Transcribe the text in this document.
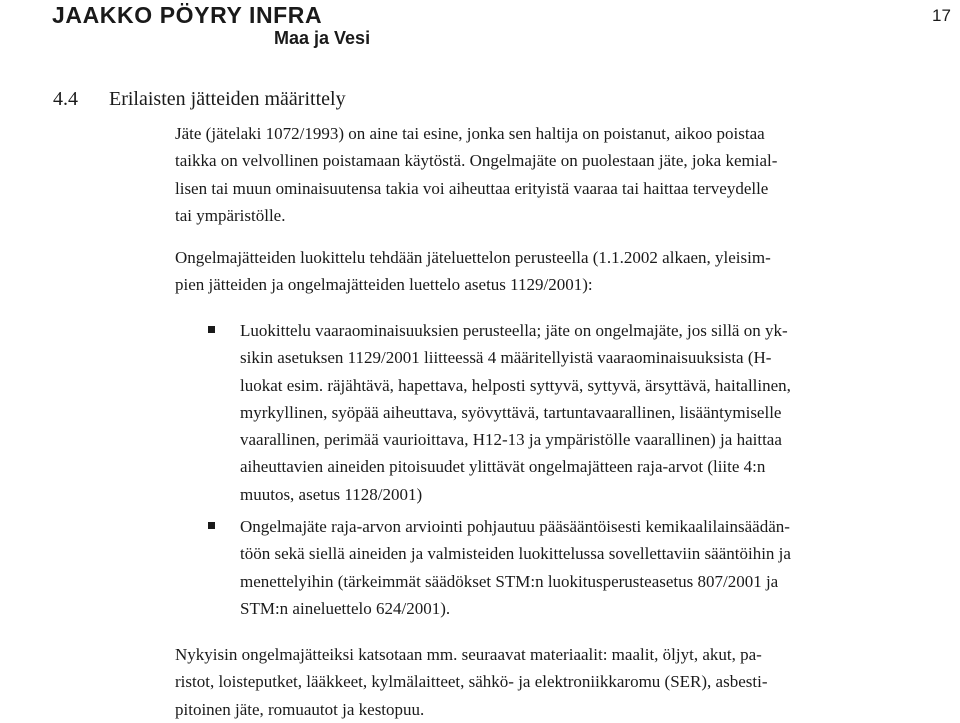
JAAKKO PÖYRY INFRA
Maa ja Vesi
17
4.4 Erilaisten jätteiden määrittely

Jäte (jätelaki 1072/1993) on aine tai esine, jonka sen haltija on poistanut, aikoo poistaa
taikka on velvollinen poistamaan käytöstä. Ongelmajäte on puolestaan jäte, joka kemial-
lisen tai muun ominaisuutensa takia voi aiheuttaa erityistä vaaraa tai haittaa terveydelle
tai ympäristölle.

Ongelmajätteiden luokittelu tehdään jäteluettelon perusteella (1.1.2002 alkaen, yleisim-
pien jätteiden ja ongelmajätteiden luettelo asetus 1129/2001):

Luokittelu vaaraominaisuuksien perusteella; jäte on ongelmajäte, jos sillä on yk-
sikin asetuksen 1129/2001 liitteessä 4 määritellyistä vaaraominaisuuksista (H-
luokat esim. räjähtävä, hapettava, helposti syttyvä, syttyvä, ärsyttävä, haitallinen,
myrkyllinen, syöpää aiheuttava, syövyttävä, tartuntavaarallinen, lisääntymiselle
vaarallinen, perimää vaurioittava, H12-13 ja ympäristölle vaarallinen) ja haittaa
aiheuttavien aineiden pitoisuudet ylittävät ongelmajätteen raja-arvot (liite 4:n
muutos, asetus 1128/2001)
Ongelmajäte raja-arvon arviointi pohjautuu pääsääntöisesti kemikaalilainsäädän-
töön sekä siellä aineiden ja valmisteiden luokittelussa sovellettaviin sääntöihin ja
menettelyihin (tärkeimmät säädökset STM:n luokitusperusteasetus 807/2001 ja
STM:n aineluettelo 624/2001).

Nykyisin ongelmajätteiksi katsotaan mm. seuraavat materiaalit: maalit, öljyt, akut, pa-
ristot, loisteputket, lääkkeet, kylmälaitteet, sähkö- ja elektroniikkaromu (SER), asbesti-
pitoinen jäte, romuautot ja kestopuu.
